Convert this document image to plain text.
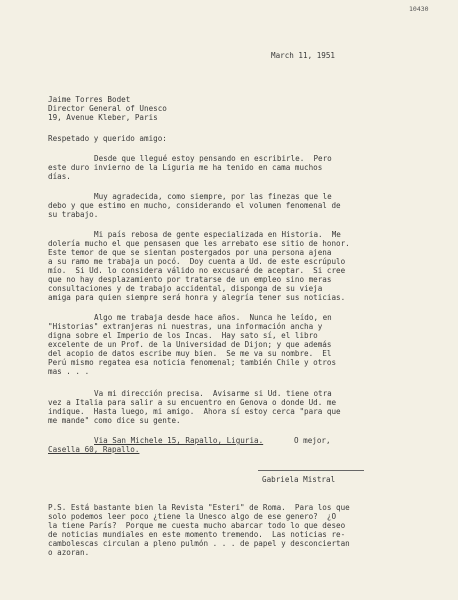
10430
March 11, 1951
Jaime Torres Bodet
Director General of Unesco
19, Avenue Kleber, Paris
Respetado y querido amigo:
Desde que llegué estoy pensando en escribirle.  Pero
este duro invierno de la Liguria me ha tenido en cama muchos
días.
Muy agradecida, como siempre, por las finezas que le
debo y que estimo en mucho, considerando el volumen fenomenal de
su trabajo.
Mi país rebosa de gente especializada en Historia.  Me
dolería mucho el que pensasen que les arrebato ese sitio de honor.
Este temor de que se sientan postergados por una persona ajena
a su ramo me trabaja un pocó.  Doy cuenta a Ud. de este escrúpulo
mío.  Si Ud. lo considera válido no excusaré de aceptar.  Si cree
que no hay desplazamiento por tratarse de un empleo sino meras
consultaciones y de trabajo accidental, disponga de su vieja
amiga para quien siempre será honra y alegría tener sus noticias.
Algo me trabaja desde hace años.  Nunca he leído, en
"Historias" extranjeras ni nuestras, una información ancha y
digna sobre el Imperio de los Incas.  Hay sato sí, el libro
excelente de un Prof. de la Universidad de Dijon; y que además
del acopio de datos escribe muy bien.  Se me va su nombre.  El
Perú mismo regatea esa noticia fenomenal; también Chile y otros
mas . . .
Va mi dirección precisa.  Avisarme si Ud. tiene otra
vez a Italia para salir a su encuentro en Genova o donde Ud. me
indique.  Hasta luego, mi amigo.  Ahora sí estoy cerca "para que
me mande" como dice su gente.
Via San Michele 15, Rapallo, Liguria.	O mejor,
Casella 60, Rapallo.
Gabriela Mistral
P.S. Está bastante bien la Revista "Esteri" de Roma.  Para los que
solo podemos leer poco ¿tiene la Unesco algo de ese genero?  ¿O
la tiene París?  Porque me cuesta mucho abarcar todo lo que deseo
de noticias mundiales en este momento tremendo.  Las noticias re-
cambolescas circulan a pleno pulmón . . . de papel y desconciertan
o azoran.
